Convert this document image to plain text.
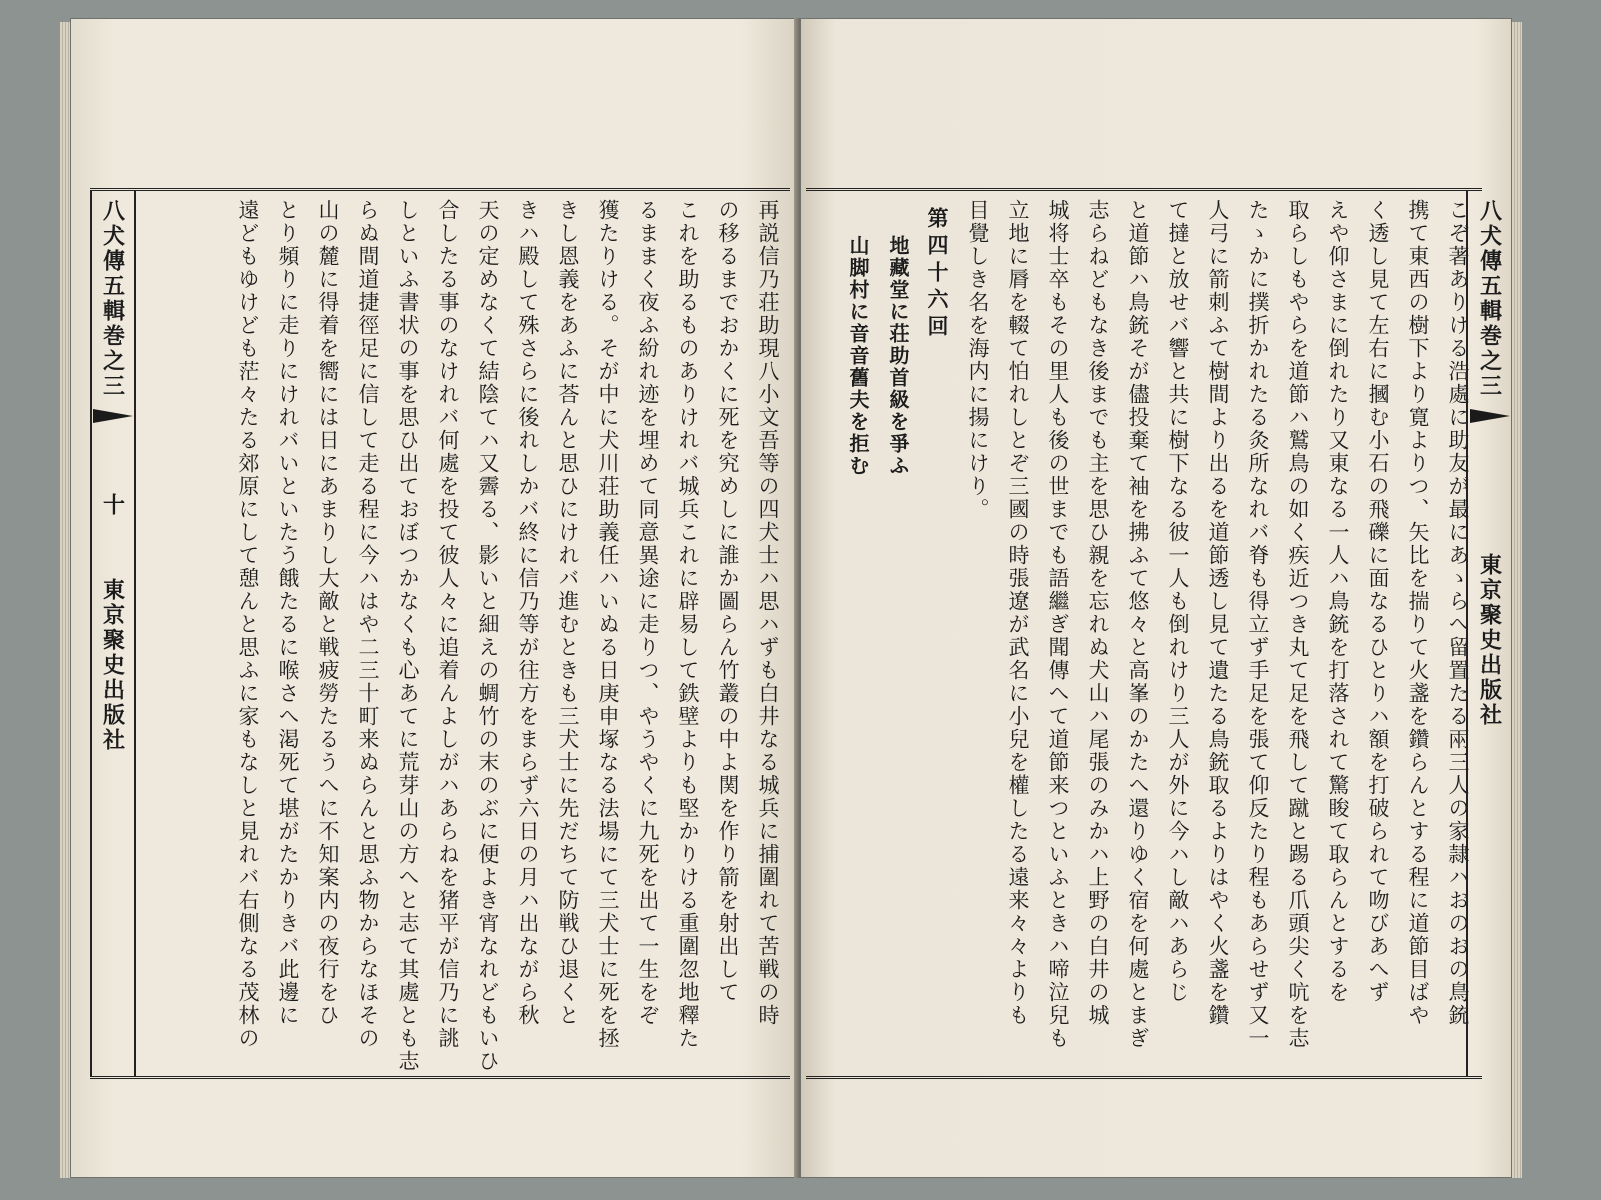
八犬傳五輯巻之三
十
東京聚史出版社	再説信乃荘助現八小文吾等の四犬士ハ思ハずも白井なる城兵に捕圍れて苦戦の時
の移るまでおかくに死を究めしに誰か圖らん竹叢の中よ関を作り箭を射出して
これを助るものありけれバ城兵これに辟易して鉄壁よりも堅かりける重圍忽地釋た
るままく夜ふ紛れ迹を埋めて同意異途に走りつ、やうやくに九死を出て一生をぞ
獲たりける。そが中に犬川荘助義任ハいぬる日庚申塚なる法場にて三犬士に死を拯
きし恩義をあふに荅んと思ひにけれバ進むときも三犬士に先だちて防戦ひ退くと
きハ殿して殊さらに後れしかバ終に信乃等が往方をまらず六日の月ハ出ながら秋
天の定めなくて結陰てハ又霽る、影いと細えの蜩竹の末のぶに便よき宵なれどもいひ
合したる事のなけれバ何處を投て彼人々に追着んよしがハあらねを猪平が信乃に誂
しといふ書状の事を思ひ出ておぼつかなくも心あてに荒芽山の方へと志て其處とも志
らぬ間道捷徑足に信して走る程に今ハはや二三十町来ぬらんと思ふ物からなほその
山の麓に得着を嚮には日にあまりし大敵と戦疲勞たるうへに不知案内の夜行をひ
とり頻りに走りにけれバいといたう餓たるに喉さへ渇死て堪がたかりきバ此邊に
遠どもゆけども茫々たる郊原にして憩んと思ふに家もなしと見れバ右側なる茂林の	こぞ著ありける浩處に助友が最にあゝらへ留置たる兩三人の家隷ハおのおの鳥銃
携て東西の樹下より寛よりつ、矢比を揣りて火盞を鑽らんとする程に道節目ばや
く透し見て左右に摑む小石の飛礫に面なるひとりハ額を打破られて吻びあへず
えや仰さまに倒れたり又東なる一人ハ鳥銃を打落されて驚睃て取らんとするを
取らしもやらを道節ハ鷲鳥の如く疾近つき丸て足を飛して蹴と踢る爪頭尖く吭を志
たゝかに撲折かれたる灸所なれバ脊も得立ず手足を張て仰反たり程もあらせず又一
人弓に箭刺ふて樹間より出るを道節透し見て遺たる鳥銃取るよりはやく火盞を鑽
て撻と放せバ響と共に樹下なる彼一人も倒れけり三人が外に今ハし敵ハあらじ
と道節ハ鳥銃そが儘投棄て袖を拂ふて悠々と高峯のかたへ還りゆく宿を何處とまぎ
志らねどもなき後までも主を思ひ親を忘れぬ犬山ハ尾張のみかハ上野の白井の城
城将士卒もその里人も後の世までも語繼ぎ聞傳へて道節来つといふときハ啼泣兒も
立地に脣を輟て怕れしとぞ三國の時張遼が武名に小兒を權したる遠来々々よりも
目覺しき名を海内に揚にけり。
第四十六回
地藏堂に荘助首級を爭ふ
山脚村に音音舊夫を拒む	八犬傳五輯巻之三
東京聚史出版社
